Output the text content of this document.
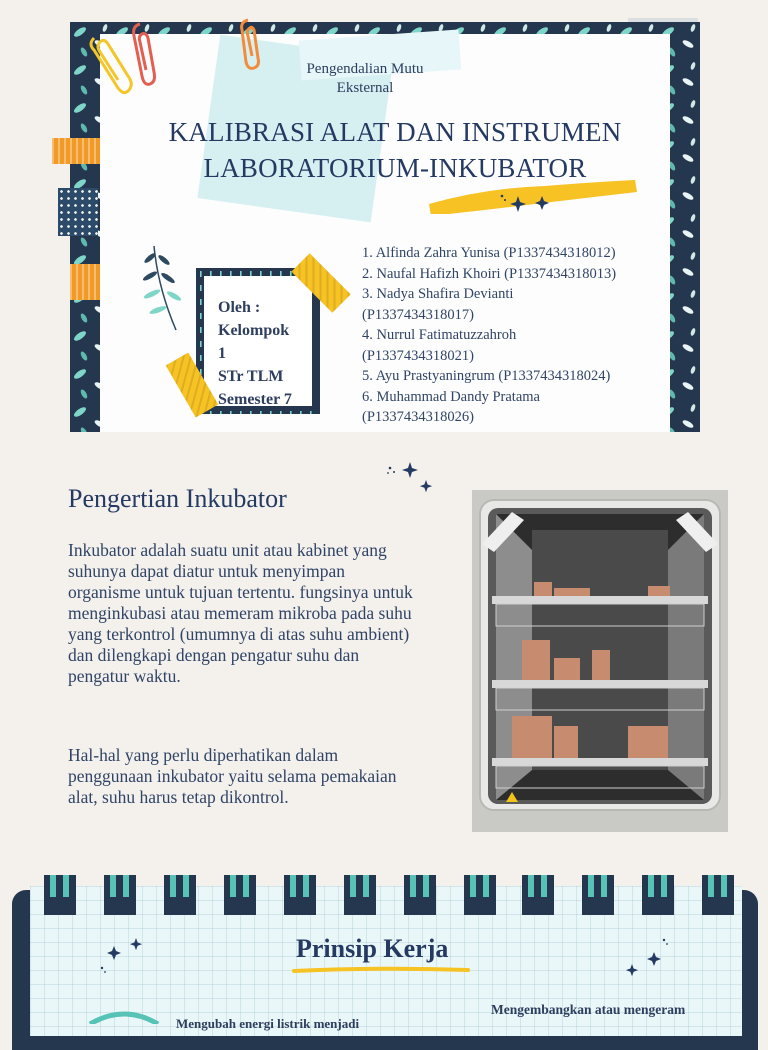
Pengendalian Mutu Eksternal
KALIBRASI ALAT DAN INSTRUMEN LABORATORIUM-INKUBATOR
Oleh :
Kelompok
1
STr TLM
Semester 7
1. Alfinda Zahra Yunisa (P1337434318012)
2. Naufal Hafizh Khoiri (P1337434318013)
3. Nadya Shafira Devianti
(P1337434318017)
4. Nurrul Fatimatuzzahroh
(P1337434318021)
5. Ayu Prastyaningrum (P1337434318024)
6. Muhammad Dandy Pratama
(P1337434318026)
Pengertian Inkubator
Inkubator adalah suatu unit atau kabinet yang suhunya dapat diatur untuk menyimpan organisme untuk tujuan tertentu. fungsinya untuk menginkubasi atau memeram mikroba pada suhu yang terkontrol (umumnya di atas suhu ambient) dan dilengkapi dengan pengatur suhu dan pengatur waktu.
Hal-hal yang perlu diperhatikan dalam penggunaan inkubator yaitu selama pemakaian alat, suhu harus tetap dikontrol.
Prinsip Kerja
Mengubah energi listrik menjadi
Mengembangkan atau mengeram
